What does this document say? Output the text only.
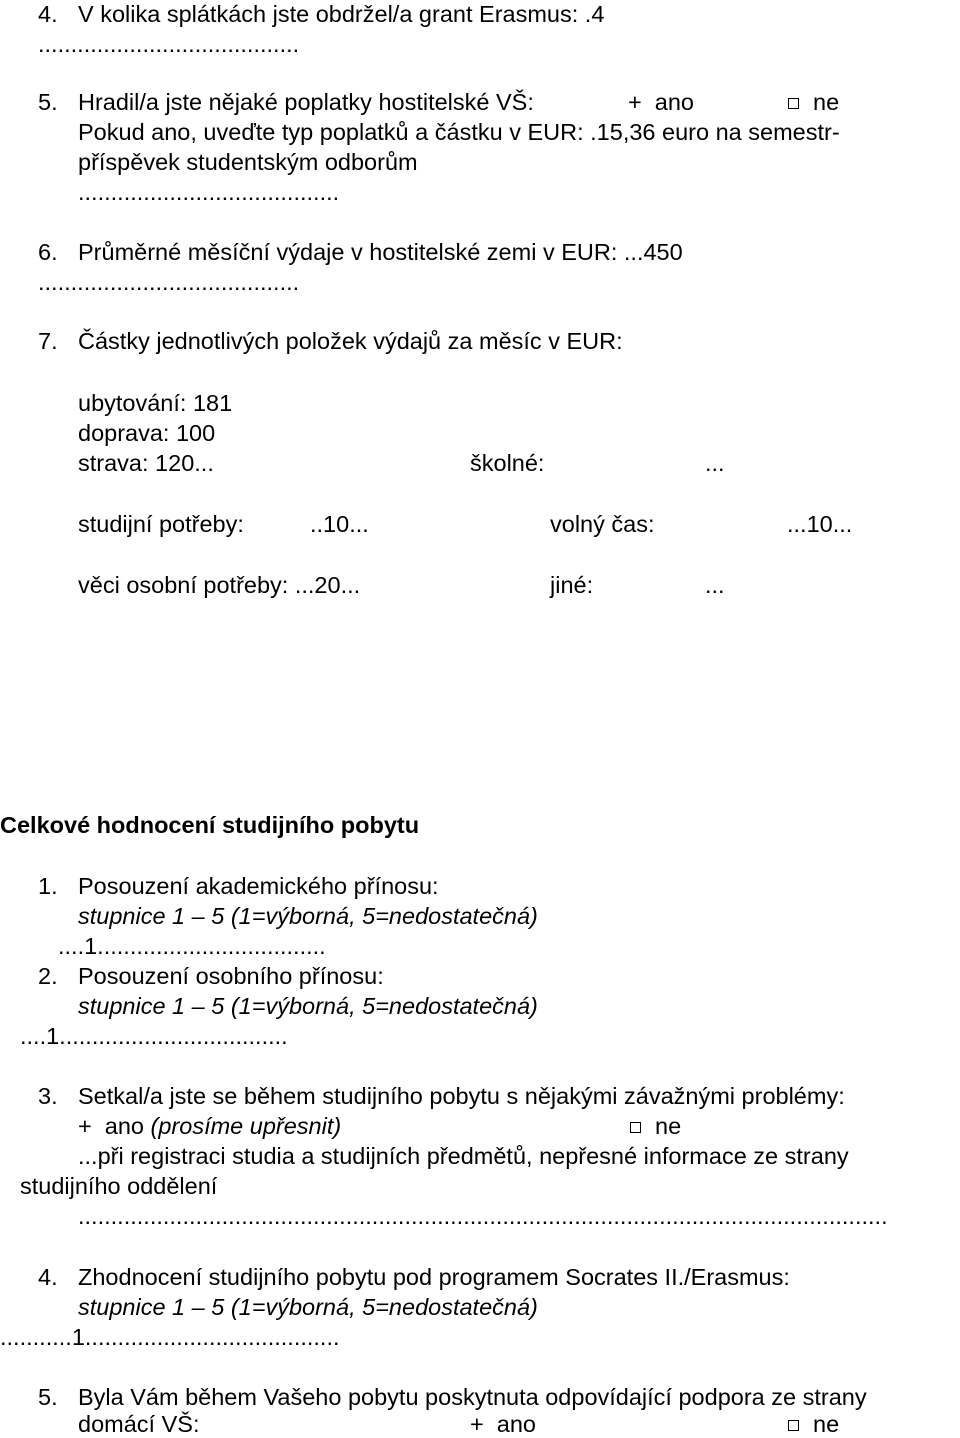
4. V kolika splátkách jste obdržel/a grant Erasmus: .4
........................................
5. Hradil/a jste nějaké poplatky hostitelské VŠ:	+  ano	ne
Pokud ano, uveďte typ poplatků a částku v EUR: .15,36 euro na semestr-
příspěvek studentským odborům
........................................
6. Průměrné měsíční výdaje v hostitelské zemi v EUR: ...450
........................................
7. Částky jednotlivých položek výdajů za měsíc v EUR:
ubytování: 181
doprava: 100
strava: 120...	školné:	...
studijní potřeby:	..10...	volný čas:	...10...
věci osobní potřeby: ...20...	jiné:	...
Celkové hodnocení studijního pobytu
1. Posouzení akademického přínosu:
stupnice 1 – 5 (1=výborná, 5=nedostatečná)
....1...................................
2. Posouzení osobního přínosu:
stupnice 1 – 5 (1=výborná, 5=nedostatečná)
....1...................................
3. Setkal/a jste se během studijního pobytu s nějakými závažnými problémy:
+  ano (prosíme upřesnit)	ne
...při registraci studia a studijních předmětů, nepřesné informace ze strany
studijního oddělení
............................................................................................................................
4. Zhodnocení studijního pobytu pod programem Socrates II./Erasmus:
stupnice 1 – 5 (1=výborná, 5=nedostatečná)
...........1.......................................
5. Byla Vám během Vašeho pobytu poskytnuta odpovídající podpora ze strany
domácí VŠ:	+  ano	ne
